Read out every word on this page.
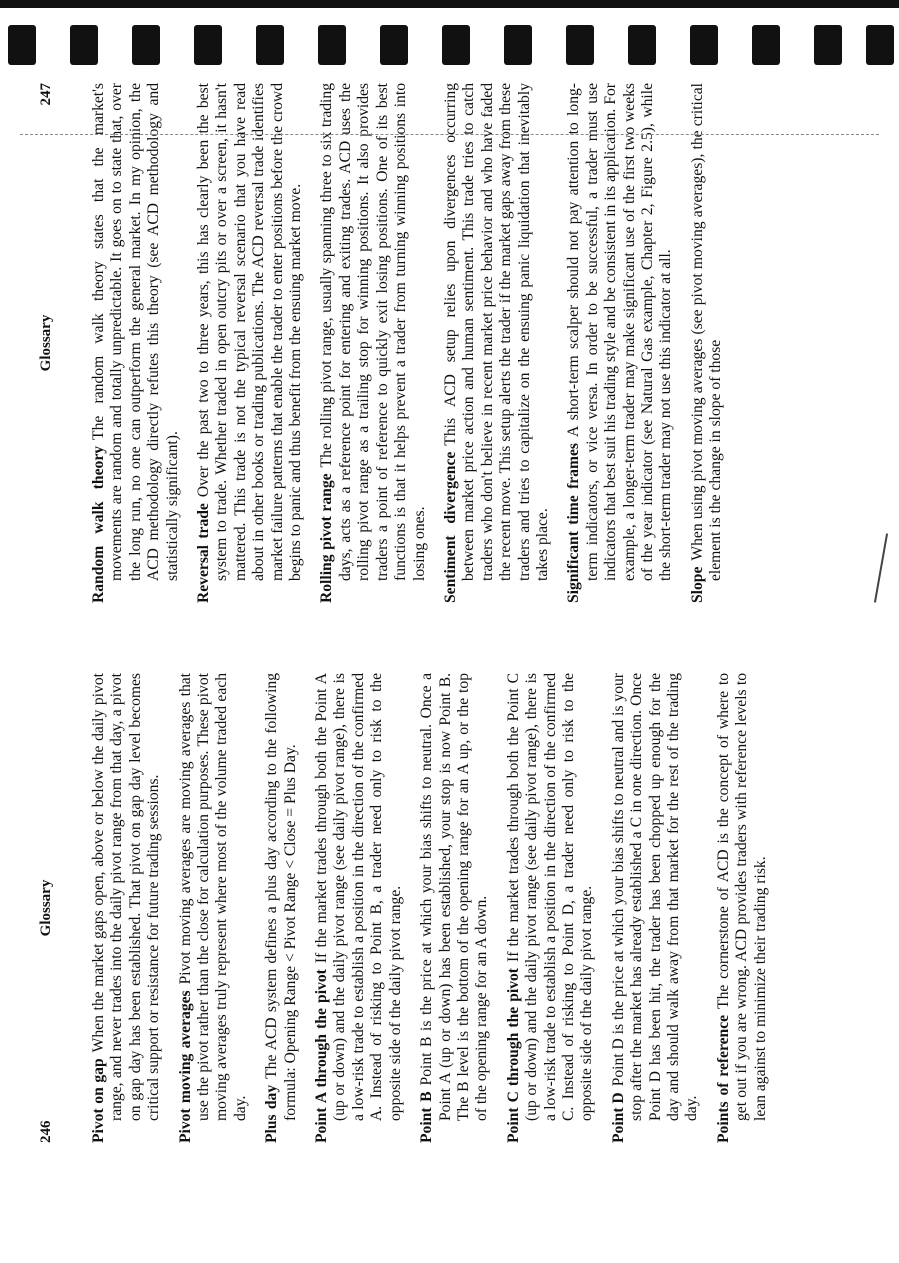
246
Glossary

Pivot on gapWhen the market gaps open, above or below the daily pivot range, and never trades into the daily pivot range from that day, a pivot on gap day has been established. That pivot on gap day level becomes critical support or resistance for future trading sessions. Pivot moving averagesPivot moving averages are moving averages that use the pivot rather than the close for calculation purposes. These pivot moving averages truly represent where most of the volume traded each day. Plus dayThe ACD system defines a plus day according to the following formula: Opening Range < Pivot Range < Close = Plus Day. Point A through the pivotIf the market trades through both the Point A (up or down) and the daily pivot range (see daily pivot range), there is a low-risk trade to establish a position in the direction of the confirmed A. Instead of risking to Point B, a trader need only to risk to the opposite side of the daily pivot range. Point BPoint B is the price at which your bias shifts to neutral. Once a Point A (up or down) has been established, your stop is now Point B. The B level is the bottom of the opening range for an A up, or the top of the opening range for an A down. Point C through the pivotIf the market trades through both the Point C (up or down) and the daily pivot range (see daily pivot range), there is a low-risk trade to establish a position in the direction of the confirmed C. Instead of risking to Point D, a trader need only to risk to the opposite side of the daily pivot range. Point DPoint D is the price at which your bias shifts to neutral and is your stop after the market has already established a C in one direction. Once Point D has been hit, the trader has been chopped up enough for the day and should walk away from that market for the rest of the trading day. Points of referenceThe cornerstone of ACD is the concept of where to get out if you are wrong. ACD provides traders with reference levels to lean against to minimize their trading risk.

Glossary
247

Random walk theoryThe random walk theory states that the market's movements are random and totally unpredictable. It goes on to state that, over the long run, no one can outperform the general market. In my opinion, the ACD methodology directly refutes this theory (see ACD methodology and statistically significant). Reversal tradeOver the past two to three years, this has clearly been the best system to trade. Whether traded in open outcry pits or over a screen, it hasn't mattered. This trade is not the typical reversal scenario that you have read about in other books or trading publications. The ACD reversal trade identifies market failure patterns that enable the trader to enter positions before the crowd begins to panic and thus benefit from the ensuing market move. Rolling pivot rangeThe rolling pivot range, usually spanning three to six trading days, acts as a reference point for entering and exiting trades. ACD uses the rolling pivot range as a trailing stop for winning positions. It also provides traders a point of reference to quickly exit losing positions. One of its best functions is that it helps prevent a trader from turning winning positions into losing ones. Sentiment divergenceThis ACD setup relies upon divergences occurring between market price action and human sentiment. This trade tries to catch traders who don't believe in recent market price behavior and who have faded the recent move. This setup alerts the trader if the market gaps away from these traders and tries to capitalize on the ensuing panic liquidation that inevitably takes place. Significant time framesA short-term scalper should not pay attention to long-term indicators, or vice versa. In order to be successful, a trader must use indicators that best suit his trading style and be consistent in its application. For example, a longer-term trader may make significant use of the first two weeks of the year indicator (see Natural Gas example, Chapter 2, Figure 2.5), while the short-term trader may not use this indicator at all.

SlopeWhen using pivot moving averages (see pivot moving averages), the critical element is the change in slope of those
